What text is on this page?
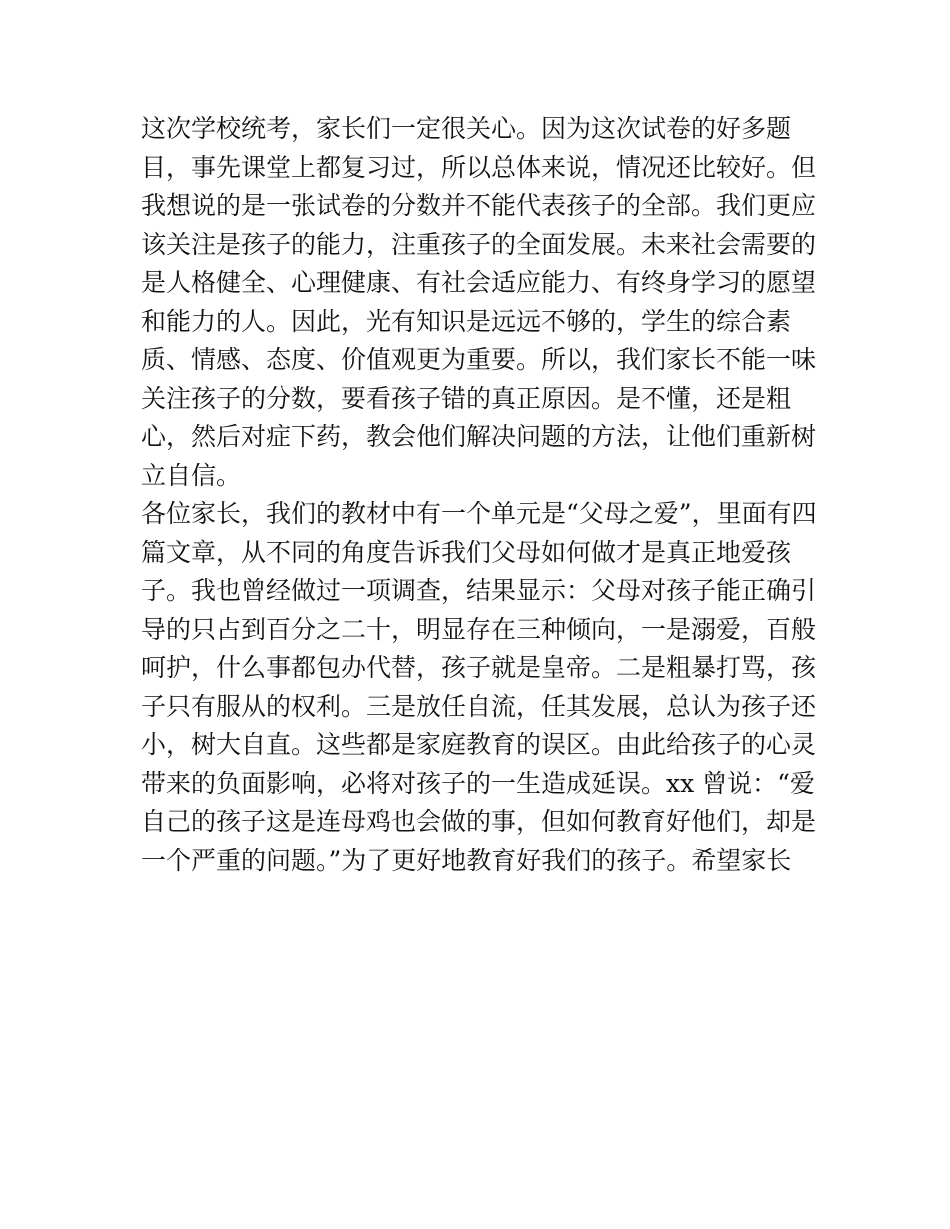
这次学校统考，家长们一定很关心。因为这次试卷的好多题
目，事先课堂上都复习过，所以总体来说，情况还比较好。但
我想说的是一张试卷的分数并不能代表孩子的全部。我们更应
该关注是孩子的能力，注重孩子的全面发展。未来社会需要的
是人格健全、心理健康、有社会适应能力、有终身学习的愿望
和能力的人。因此，光有知识是远远不够的，学生的综合素
质、情感、态度、价值观更为重要。所以，我们家长不能一味
关注孩子的分数，要看孩子错的真正原因。是不懂，还是粗
心，然后对症下药，教会他们解决问题的方法，让他们重新树
立自信。
各位家长，我们的教材中有一个单元是“父母之爱”，里面有四
篇文章，从不同的角度告诉我们父母如何做才是真正地爱孩
子。我也曾经做过一项调查，结果显示：父母对孩子能正确引
导的只占到百分之二十，明显存在三种倾向，一是溺爱，百般
呵护，什么事都包办代替，孩子就是皇帝。二是粗暴打骂，孩
子只有服从的权利。三是放任自流，任其发展，总认为孩子还
小，树大自直。这些都是家庭教育的误区。由此给孩子的心灵
带来的负面影响，必将对孩子的一生造成延误。xx 曾说：“爱
自己的孩子这是连母鸡也会做的事，但如何教育好他们，却是
一个严重的问题。”为了更好地教育好我们的孩子。希望家长
